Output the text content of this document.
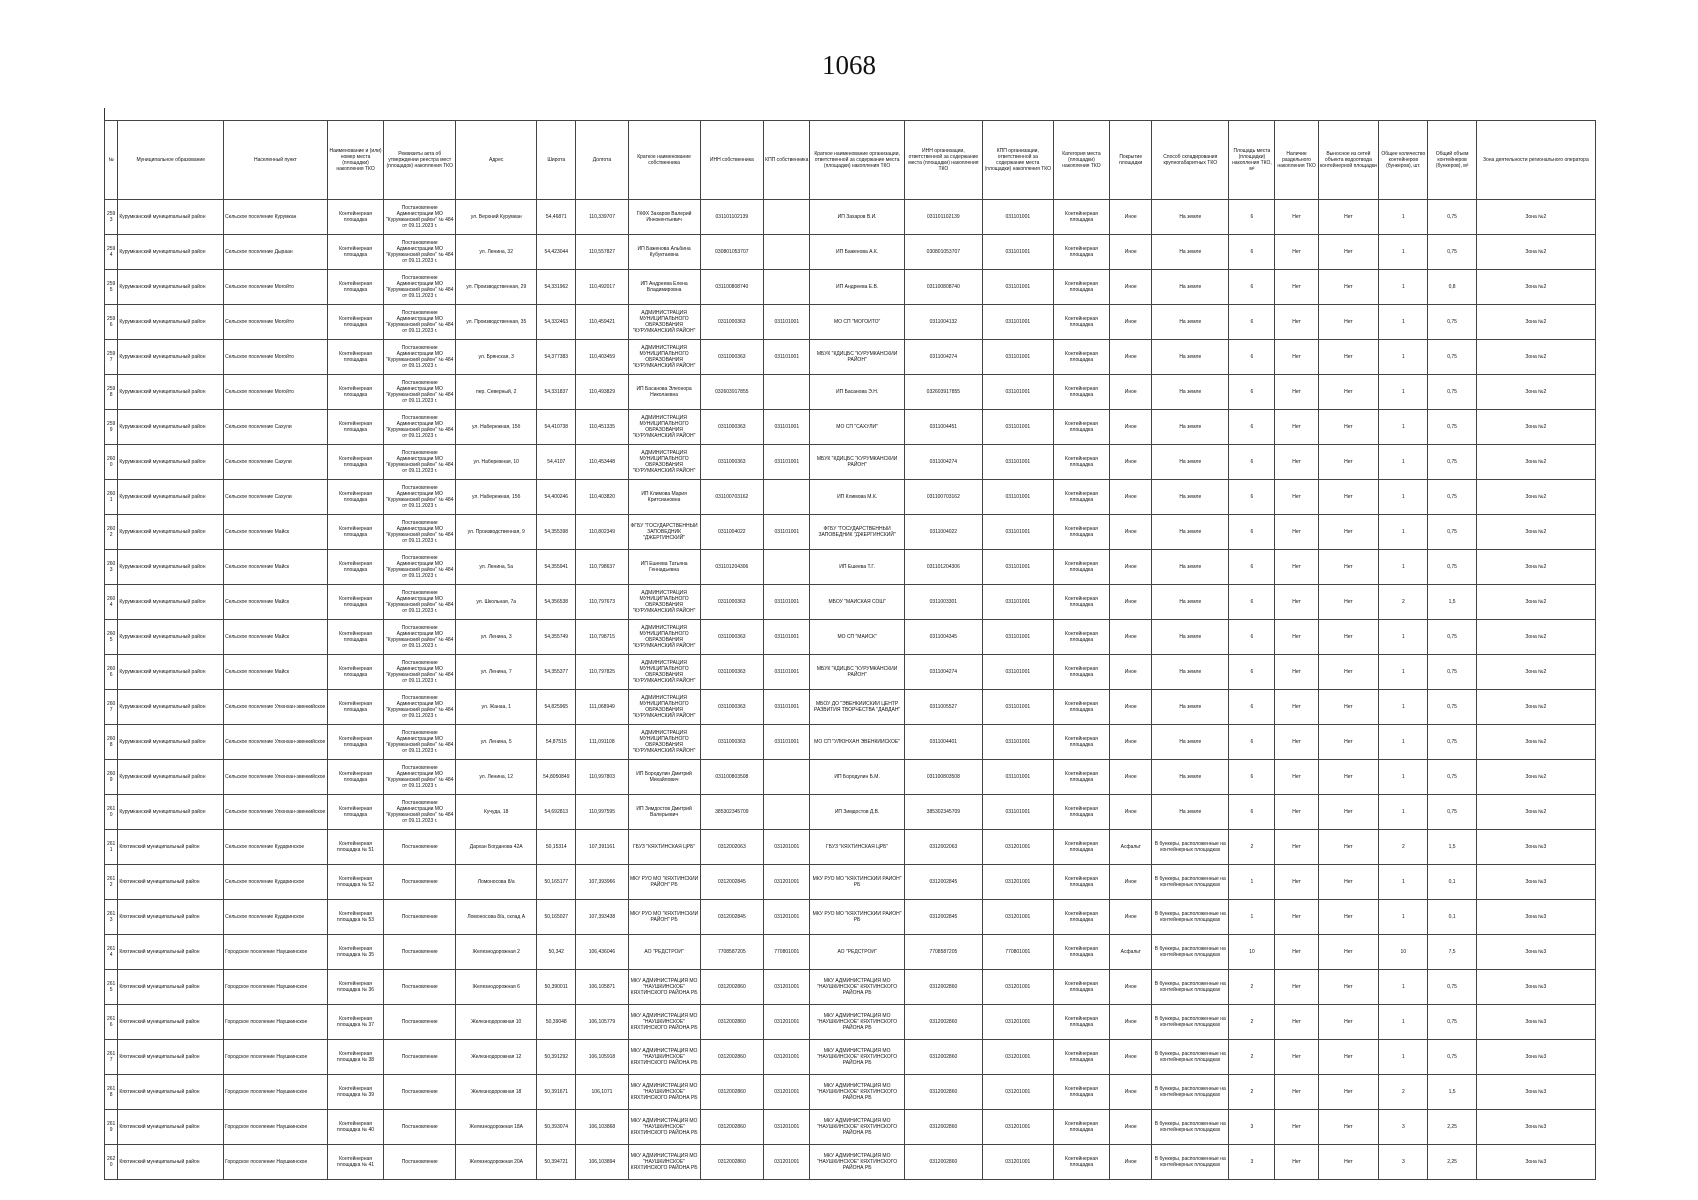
1068
№	Муниципальное образование	Населенный пункт	Наименование и (или) номер места (площадки) накопления ТКО	Реквизиты акта об утверждении реестра мест (площадок) накопления ТКО	Адрес	Широта	Долгота	Краткое наименование собственника	ИНН собственника	КПП собственника	Краткое наименование организации, ответственной за содержание места (площадки) накопления ТКО	ИНН организации, ответственной за содержание места (площадки) накопления ТКО	КПП организации, ответственной за содержание места (площадки) накопления ТКО	Категория места (площадки) накопления ТКО	Покрытие площадки	Способ складирования крупногабаритных ТКО	Площадь места (площадки) накопления ТКО, м²	Наличие раздельного накопления ТКО	Выносное из сетей объекта водоотвода контейнерной площадки	Общее количество контейнеров (бункеров), шт.	Общий объем контейнеров (бункеров), м³	Зона деятельности регионального оператора

2593	Курумканский муниципальный район	Сельское поселение Курумкан	Контейнерная площадка	Постановление Администрации МО "Курумканский район" № 484 от 09.11.2023 г.	ул. Верхний Курумкан	54,46871	110,339707	ГКФХ Захаров Валерий Иннокентьевич	031101102139		ИП Захаров В.И.	031101102139	031101001	Контейнерная площадка	Иное	На земле	6	Нет	Нет	1	0,75	Зона №2

2594	Курумканский муниципальный район	Сельское поселение Дыраан	Контейнерная площадка	Постановление Администрации МО "Курумканский район" № 484 от 09.11.2023 г.	ул. Ленина, 32	54,423044	110,557827	ИП Баженова Альбина Кубуктаевна	030801053707		ИП Баженова А.К.	030801053707	031101001	Контейнерная площадка	Иное	На земле	6	Нет	Нет	1	0,75	Зона №2

2595	Курумканский муниципальный район	Сельское поселение Могойто	Контейнерная площадка	Постановление Администрации МО "Курумканский район" № 484 от 09.11.2023 г.	ул. Производственная, 29	54,331962	110,492017	ИП Андреева Елена Владимировна	031100808740		ИП Андреева Е.В.	031100808740	031101001	Контейнерная площадка	Иное	На земле	6	Нет	Нет	1	0,8	Зона №2

2596	Курумканский муниципальный район	Сельское поселение Могойто	Контейнерная площадка	Постановление Администрации МО "Курумканский район" № 484 от 09.11.2023 г.	ул. Производственная, 35	54,332463	110,459421	АДМИНИСТРАЦИЯ МУНИЦИПАЛЬНОГО ОБРАЗОВАНИЯ "КУРУМКАНСКИЙ РАЙОН"	0311000363	031101001	МО СП "МОГОЙТО"	0311004132	031101001	Контейнерная площадка	Иное	На земле	6	Нет	Нет	1	0,75	Зона №2

2597	Курумканский муниципальный район	Сельское поселение Могойто	Контейнерная площадка	Постановление Администрации МО "Курумканский район" № 484 от 09.11.2023 г.	ул. Брянская, 3	54,377383	110,403459	АДМИНИСТРАЦИЯ МУНИЦИПАЛЬНОГО ОБРАЗОВАНИЯ "КУРУМКАНСКИЙ РАЙОН"	0311000363	031101001	МБУК "КДИЦБС "КУРУМКАНСКИЙ РАЙОН"	0311004274	031101001	Контейнерная площадка	Иное	На земле	6	Нет	Нет	1	0,75	Зона №2

2598	Курумканский муниципальный район	Сельское поселение Могойто	Контейнерная площадка	Постановление Администрации МО "Курумканский район" № 484 от 09.11.2023 г.	пер. Северный, 2	54,331837	110,493829	ИП Басанова Элеонора Николаевна	032603917855		ИП Басанова Э.Н.	032603917855	031101001	Контейнерная площадка	Иное	На земле	6	Нет	Нет	1	0,75	Зона №2

2599	Курумканский муниципальный район	Сельское поселение Сахули	Контейнерная площадка	Постановление Администрации МО "Курумканский район" № 484 от 09.11.2023 г.	ул. Набережная, 15б	54,410738	110,451335	АДМИНИСТРАЦИЯ МУНИЦИПАЛЬНОГО ОБРАЗОВАНИЯ "КУРУМКАНСКИЙ РАЙОН"	0311000363	031101001	МО СП "САХУЛИ"	0311004451	031101001	Контейнерная площадка	Иное	На земле	6	Нет	Нет	1	0,75	Зона №2

2600	Курумканский муниципальный район	Сельское поселение Сахули	Контейнерная площадка	Постановление Администрации МО "Курумканский район" № 484 от 09.11.2023 г.	ул. Набережная, 10	54,4107	110,453448	АДМИНИСТРАЦИЯ МУНИЦИПАЛЬНОГО ОБРАЗОВАНИЯ "КУРУМКАНСКИЙ РАЙОН"	0311000363	031101001	МБУК "КДИЦБС "КУРУМКАНСКИЙ РАЙОН"	0311004274	031101001	Контейнерная площадка	Иное	На земле	6	Нет	Нет	1	0,75	Зона №2

2601	Курумканский муниципальный район	Сельское поселение Сахули	Контейнерная площадка	Постановление Администрации МО "Курумканский район" № 484 от 09.11.2023 г.	ул. Набережная, 15б	54,400246	110,403820	ИП Климова Мария Критсиановна	031100703162		ИП Климова М.К.	031100703162	031101001	Контейнерная площадка	Иное	На земле	6	Нет	Нет	1	0,75	Зона №2

2602	Курумканский муниципальный район	Сельское поселение Майск	Контейнерная площадка	Постановление Администрации МО "Курумканский район" № 484 от 09.11.2023 г.	ул. Производственная, 9	54,355398	110,802349	ФГБУ "ГОСУДАРСТВЕННЫЙ ЗАПОВЕДНИК "ДЖЕРГИНСКИЙ"	0311004022	031101001	ФГБУ "ГОСУДАРСТВЕННЫЙ ЗАПОВЕДНИК "ДЖЕРГИНСКИЙ"	0311004022	031101001	Контейнерная площадка	Иное	На земле	6	Нет	Нет	1	0,75	Зона №2

2603	Курумканский муниципальный район	Сельское поселение Майск	Контейнерная площадка	Постановление Администрации МО "Курумканский район" № 484 от 09.11.2023 г.	ул. Ленина, 5а	54,355941	110,798637	ИП Ешеева Татьяна Геннадьевна	031101204306		ИП Ешеева Т.Г.	031101204306	031101001	Контейнерная площадка	Иное	На земле	6	Нет	Нет	1	0,75	Зона №2

2604	Курумканский муниципальный район	Сельское поселение Майск	Контейнерная площадка	Постановление Администрации МО "Курумканский район" № 484 от 09.11.2023 г.	ул. Школьная, 7а	54,356538	110,797673	АДМИНИСТРАЦИЯ МУНИЦИПАЛЬНОГО ОБРАЗОВАНИЯ "КУРУМКАНСКИЙ РАЙОН"	0311000363	031101001	МБОУ "МАЙСКАЯ СОШ"	0311003301	031101001	Контейнерная площадка	Иное	На земле	6	Нет	Нет	2	1,5	Зона №2

2605	Курумканский муниципальный район	Сельское поселение Майск	Контейнерная площадка	Постановление Администрации МО "Курумканский район" № 484 от 09.11.2023 г.	ул. Ленина, 3	54,355749	110,798715	АДМИНИСТРАЦИЯ МУНИЦИПАЛЬНОГО ОБРАЗОВАНИЯ "КУРУМКАНСКИЙ РАЙОН"	0311000363	031101001	МО СП "МАЙСК"	0311004345	031101001	Контейнерная площадка	Иное	На земле	6	Нет	Нет	1	0,75	Зона №2

2606	Курумканский муниципальный район	Сельское поселение Майск	Контейнерная площадка	Постановление Администрации МО "Курумканский район" № 484 от 09.11.2023 г.	ул. Ленина, 7	54,355377	110,797825	АДМИНИСТРАЦИЯ МУНИЦИПАЛЬНОГО ОБРАЗОВАНИЯ "КУРУМКАНСКИЙ РАЙОН"	0311000363	031101001	МБУК "КДИЦБС "КУРУМКАНСКИЙ РАЙОН"	0311004274	031101001	Контейнерная площадка	Иное	На земле	6	Нет	Нет	1	0,75	Зона №2

2607	Курумканский муниципальный район	Сельское поселение Улюнхан-эвенкийское	Контейнерная площадка	Постановление Администрации МО "Курумканский район" № 484 от 09.11.2023 г.	ул. Жанаа, 1	54,825965	111,068949	АДМИНИСТРАЦИЯ МУНИЦИПАЛЬНОГО ОБРАЗОВАНИЯ "КУРУМКАНСКИЙ РАЙОН"	0311000363	031101001	МБОУ ДО "ЭВЕНКИЙСКИЙ ЦЕНТР РАЗВИТИЯ ТВОРЧЕСТВА "ДАВДАН"	0311005527	031101001	Контейнерная площадка	Иное	На земле	6	Нет	Нет	1	0,75	Зона №2

2608	Курумканский муниципальный район	Сельское поселение Улюнхан-эвенкийское	Контейнерная площадка	Постановление Администрации МО "Курумканский район" № 484 от 09.11.2023 г.	ул. Ленина, 5	54,87515	111,091108	АДМИНИСТРАЦИЯ МУНИЦИПАЛЬНОГО ОБРАЗОВАНИЯ "КУРУМКАНСКИЙ РАЙОН"	0311000363	031101001	МО СП "УЛЮНХАН ЭВЕНКИЙСКОЕ"	0311004401	031101001	Контейнерная площадка	Иное	На земле	6	Нет	Нет	1	0,75	Зона №2

2609	Курумканский муниципальный район	Сельское поселение Улюнхан-эвенкийское	Контейнерная площадка	Постановление Администрации МО "Курумканский район" № 484 от 09.11.2023 г.	ул. Ленина, 12	54,8050849	110,997803	ИП Бородулин Дмитрий Михайлович	031100803508		ИП Бородулин Б.М.	031100803508	031101001	Контейнерная площадка	Иное	На земле	6	Нет	Нет	1	0,75	Зона №2

2610	Курумканский муниципальный район	Сельское поселение Улюнхан-эвенкийское	Контейнерная площадка	Постановление Администрации МО "Курумканский район" № 484 от 09.11.2023 г.	Кучуда, 18	54,692813	110,997595	ИП Зимдостов Дмитрий Валерьевич	385302345709		ИП Зимдостов Д.В.	385302345709	031101001	Контейнерная площадка	Иное	На земле	6	Нет	Нет	1	0,75	Зона №2

2611	Кяхтинский муниципальный район	Сельское поселение Кударинское	Контейнерная площадка № 51	Постановление	Дархан Богданова 42А	50,15314	107,391161	ГБУЗ "КЯХТИНСКАЯ ЦРБ"	0312002063	031201001	ГБУЗ "КЯХТИНСКАЯ ЦРБ"	0312002063	031201001	Контейнерная площадка	Асфальт	В бункеры, расположенные на контейнерных площадках	2	Нет	Нет	2	1,5	Зона №3

2612	Кяхтинский муниципальный район	Сельское поселение Кударинское	Контейнерная площадка № 52	Постановление	Ломоносова 8/а	50,165177	107,393966	МКУ РУО МО "КЯХТИНСКИЙ РАЙОН" РБ	0312002845	031201001	МКУ РУО МО "КЯХТИНСКИЙ РАЙОН" РБ	0312002845	031201001	Контейнерная площадка	Иное	В бункеры, расположенные на контейнерных площадках	1	Нет	Нет	1	0,1	Зона №3

2613	Кяхтинский муниципальный район	Сельское поселение Кударинское	Контейнерная площадка № 53	Постановление	Ломоносова 8/а, склад А	50,165027	107,393438	МКУ РУО МО "КЯХТИНСКИЙ РАЙОН" РБ	0312002845	031201001	МКУ РУО МО "КЯХТИНСКИЙ РАЙОН" РБ	0312002845	031201001	Контейнерная площадка	Иное	В бункеры, расположенные на контейнерных площадках	1	Нет	Нет	1	0,1	Зона №3

2614	Кяхтинский муниципальный район	Городское поселение Наушкинское	Контейнерная площадка № 35	Постановление	Железнодорожная 2	50,342	106,436046	АО "РЕДСТРОЙ"	7708587205	770801001	АО "РЕДСТРОЙ"	7708587205	770801001	Контейнерная площадка	Асфальт	В бункеры, расположенные на контейнерных площадках	10	Нет	Нет	10	7,5	Зона №3

2615	Кяхтинский муниципальный район	Городское поселение Наушкинское	Контейнерная площадка № 36	Постановление	Железнодорожная 6	50,390011	106,105871	МКУ АДМИНИСТРАЦИЯ МО "НАУШКИНСКОЕ" КЯХТИНСКОГО РАЙОНА РБ	0312002860	031201001	МКУ АДМИНИСТРАЦИЯ МО "НАУШКИНСКОЕ" КЯХТИНСКОГО РАЙОНА РБ	0312002860	031201001	Контейнерная площадка	Иное	В бункеры, расположенные на контейнерных площадках	2	Нет	Нет	1	0,75	Зона №3

2616	Кяхтинский муниципальный район	Городское поселение Наушкинское	Контейнерная площадка № 37	Постановление	Железнодорожная 10	50,39048	106,105779	МКУ АДМИНИСТРАЦИЯ МО "НАУШКИНСКОЕ" КЯХТИНСКОГО РАЙОНА РБ	0312002860	031201001	МКУ АДМИНИСТРАЦИЯ МО "НАУШКИНСКОЕ" КЯХТИНСКОГО РАЙОНА РБ	0312002860	031201001	Контейнерная площадка	Иное	В бункеры, расположенные на контейнерных площадках	2	Нет	Нет	1	0,75	Зона №3

2617	Кяхтинский муниципальный район	Городское поселение Наушкинское	Контейнерная площадка № 38	Постановление	Железнодорожная 12	50,391292	106,105918	МКУ АДМИНИСТРАЦИЯ МО "НАУШКИНСКОЕ" КЯХТИНСКОГО РАЙОНА РБ	0312002860	031201001	МКУ АДМИНИСТРАЦИЯ МО "НАУШКИНСКОЕ" КЯХТИНСКОГО РАЙОНА РБ	0312002860	031201001	Контейнерная площадка	Иное	В бункеры, расположенные на контейнерных площадках	2	Нет	Нет	1	0,75	Зона №3

2618	Кяхтинский муниципальный район	Городское поселение Наушкинское	Контейнерная площадка № 39	Постановление	Железнодорожная 18	50,391671	106,1071	МКУ АДМИНИСТРАЦИЯ МО "НАУШКИНСКОЕ" КЯХТИНСКОГО РАЙОНА РБ	0312002860	031201001	МКУ АДМИНИСТРАЦИЯ МО "НАУШКИНСКОЕ" КЯХТИНСКОГО РАЙОНА РБ	0312002860	031201001	Контейнерная площадка	Иное	В бункеры, расположенные на контейнерных площадках	2	Нет	Нет	2	1,5	Зона №3

2619	Кяхтинский муниципальный район	Городское поселение Наушкинское	Контейнерная площадка № 40	Постановление	Железнодорожная 18А	50,393074	106,103868	МКУ АДМИНИСТРАЦИЯ МО "НАУШКИНСКОЕ" КЯХТИНСКОГО РАЙОНА РБ	0312002860	031201001	МКУ АДМИНИСТРАЦИЯ МО "НАУШКИНСКОЕ" КЯХТИНСКОГО РАЙОНА РБ	0312002860	031201001	Контейнерная площадка	Иное	В бункеры, расположенные на контейнерных площадках	3	Нет	Нет	3	2,25	Зона №3

2620	Кяхтинский муниципальный район	Городское поселение Наушкинское	Контейнерная площадка № 41	Постановление	Железнодорожная 20А	50,394721	106,103894	МКУ АДМИНИСТРАЦИЯ МО "НАУШКИНСКОЕ" КЯХТИНСКОГО РАЙОНА РБ	0312002860	031201001	МКУ АДМИНИСТРАЦИЯ МО "НАУШКИНСКОЕ" КЯХТИНСКОГО РАЙОНА РБ	0312002860	031201001	Контейнерная площадка	Иное	В бункеры, расположенные на контейнерных площадках	3	Нет	Нет	3	2,25	Зона №3
